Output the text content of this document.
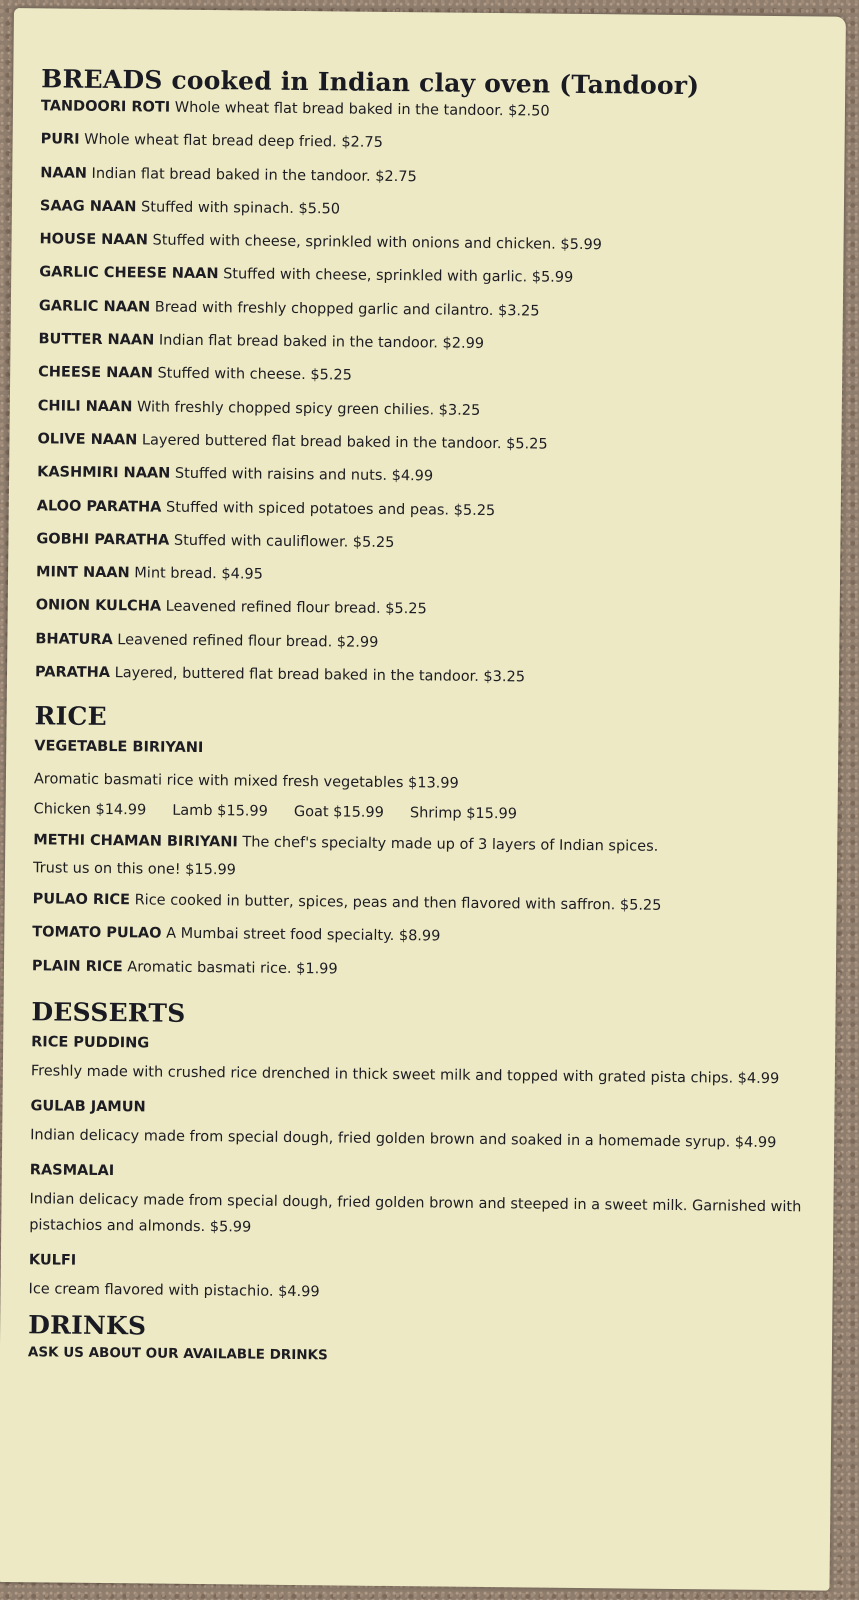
BREADS cooked in Indian clay oven (Tandoor)
TANDOORI ROTI Whole wheat flat bread baked in the tandoor. $2.50
PURI Whole wheat flat bread deep fried. $2.75
NAAN Indian flat bread baked in the tandoor. $2.75
SAAG NAAN Stuffed with spinach. $5.50
HOUSE NAAN Stuffed with cheese, sprinkled with onions and chicken. $5.99
GARLIC CHEESE NAAN Stuffed with cheese, sprinkled with garlic. $5.99
GARLIC NAAN Bread with freshly chopped garlic and cilantro. $3.25
BUTTER NAAN Indian flat bread baked in the tandoor. $2.99
CHEESE NAAN Stuffed with cheese. $5.25
CHILI NAAN With freshly chopped spicy green chilies. $3.25
OLIVE NAAN Layered buttered flat bread baked in the tandoor. $5.25
KASHMIRI NAAN Stuffed with raisins and nuts. $4.99
ALOO PARATHA Stuffed with spiced potatoes and peas. $5.25
GOBHI PARATHA Stuffed with cauliflower. $5.25
MINT NAAN Mint bread. $4.95
ONION KULCHA Leavened refined flour bread. $5.25
BHATURA Leavened refined flour bread. $2.99
PARATHA Layered, buttered flat bread baked in the tandoor. $3.25
RICE
VEGETABLE BIRIYANI
Aromatic basmati rice with mixed fresh vegetables $13.99
Chicken $14.99 Lamb $15.99 Goat $15.99 Shrimp $15.99
METHI CHAMAN BIRIYANI The chef's specialty made up of 3 layers of Indian spices.
Trust us on this one! $15.99
PULAO RICE Rice cooked in butter, spices, peas and then flavored with saffron. $5.25
TOMATO PULAO A Mumbai street food specialty. $8.99
PLAIN RICE Aromatic basmati rice. $1.99
DESSERTS
RICE PUDDING
Freshly made with crushed rice drenched in thick sweet milk and topped with grated pista chips. $4.99
GULAB JAMUN
Indian delicacy made from special dough, fried golden brown and soaked in a homemade syrup. $4.99
RASMALAI
Indian delicacy made from special dough, fried golden brown and steeped in a sweet milk. Garnished with pistachios and almonds. $5.99
KULFI
Ice cream flavored with pistachio. $4.99
DRINKS
ASK US ABOUT OUR AVAILABLE DRINKS
